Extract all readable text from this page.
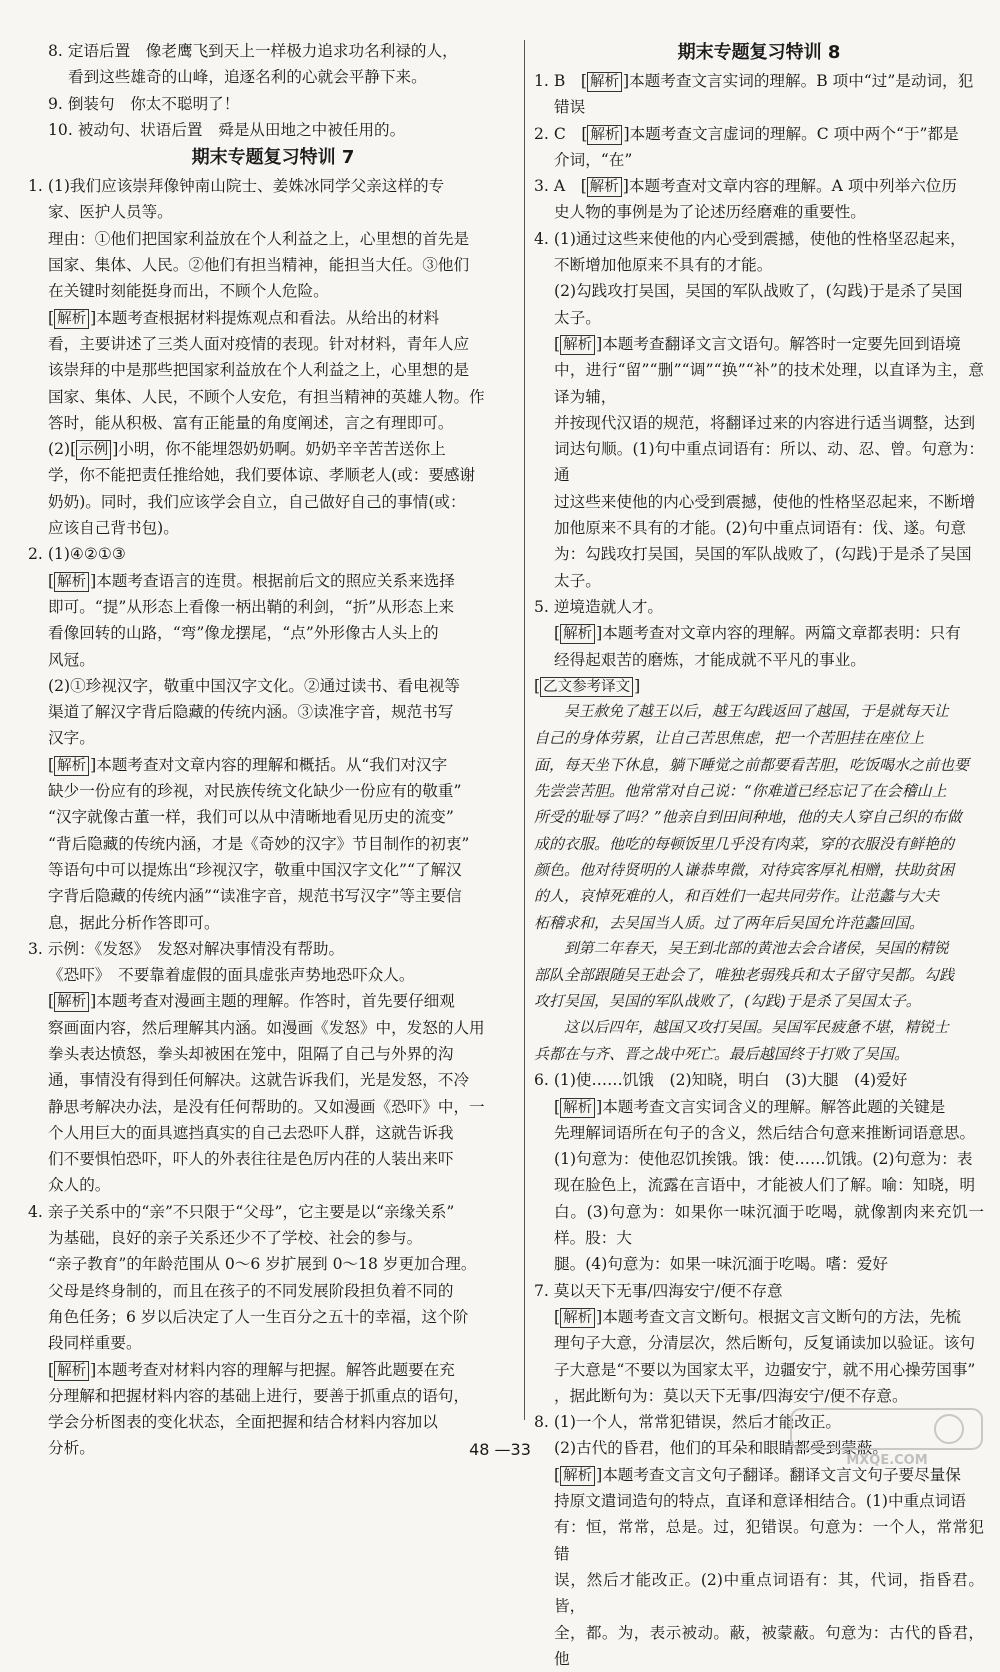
8. 定语后置　像老鹰飞到天上一样极力追求功名利禄的人，

看到这些雄奇的山峰，追逐名利的心就会平静下来。

9. 倒装句　你太不聪明了！

10. 被动句、状语后置　舜是从田地之中被任用的。

期末专题复习特训 7

1. (1)我们应该崇拜像钟南山院士、姜姝冰同学父亲这样的专

家、医护人员等。

理由：①他们把国家利益放在个人利益之上，心里想的首先是

国家、集体、人民。②他们有担当精神，能担当大任。③他们

在关键时刻能挺身而出，不顾个人危险。

[ 解析 ]本题考查根据材料提炼观点和看法。从给出的材料

看，主要讲述了三类人面对疫情的表现。针对材料，青年人应

该崇拜的中是那些把国家利益放在个人利益之上，心里想的是

国家、集体、人民，不顾个人安危，有担当精神的英雄人物。作

答时，能从积极、富有正能量的角度阐述，言之有理即可。

(2)[ 示例 ]小明，你不能埋怨奶奶啊。奶奶辛辛苦苦送你上

学，你不能把责任推给她，我们要体谅、孝顺老人(或：要感谢

奶奶)。同时，我们应该学会自立，自己做好自己的事情(或：

应该自己背书包)。

2. (1)④②①③

[ 解析 ]本题考查语言的连贯。根据前后文的照应关系来选择

即可。“提”从形态上看像一柄出鞘的利剑，“折”从形态上来

看像回转的山路，“弯”像龙摆尾，“点”外形像古人头上的

风冠。

(2)①珍视汉字，敬重中国汉字文化。②通过读书、看电视等

渠道了解汉字背后隐藏的传统内涵。③读准字音，规范书写

汉字。

[ 解析 ]本题考查对文章内容的理解和概括。从“我们对汉字

缺少一份应有的珍视，对民族传统文化缺少一份应有的敬重”

“汉字就像古董一样，我们可以从中清晰地看见历史的流变”

“背后隐藏的传统内涵，才是《奇妙的汉字》节目制作的初衷”

等语句中可以提炼出“珍视汉字，敬重中国汉字文化”“了解汉

字背后隐藏的传统内涵”“读准字音，规范书写汉字”等主要信

息，据此分析作答即可。

3. 示例：《发怒》　发怒对解决事情没有帮助。

《恐吓》　不要靠着虚假的面具虚张声势地恐吓众人。

[ 解析 ]本题考查对漫画主题的理解。作答时，首先要仔细观

察画面内容，然后理解其内涵。如漫画《发怒》中，发怒的人用

拳头表达愤怒，拳头却被困在笼中，阻隔了自己与外界的沟

通，事情没有得到任何解决。这就告诉我们，光是发怒，不冷

静思考解决办法，是没有任何帮助的。又如漫画《恐吓》中，一

个人用巨大的面具遮挡真实的自己去恐吓人群，这就告诉我

们不要惧怕恐吓，吓人的外表往往是色厉内荏的人装出来吓

众人的。

4. 亲子关系中的“亲”不只限于“父母”，它主要是以“亲缘关系”

为基础，良好的亲子关系还少不了学校、社会的参与。

“亲子教育”的年龄范围从 0～6 岁扩展到 0～18 岁更加合理。

父母是终身制的，而且在孩子的不同发展阶段担负着不同的

角色任务；6 岁以后决定了人一生百分之五十的幸福，这个阶

段同样重要。

[ 解析 ]本题考查对材料内容的理解与把握。解答此题要在充

分理解和把握材料内容的基础上进行，要善于抓重点的语句，

学会分析图表的变化状态，全面把握和结合材料内容加以

分析。

期末专题复习特训 8

1. B　[ 解析 ]本题考查文言实词的理解。B 项中“过”是动词，犯

错误

2. C　[ 解析 ]本题考查文言虚词的理解。C 项中两个“于”都是

介词，“在”

3. A　[ 解析 ]本题考查对文章内容的理解。A 项中列举六位历

史人物的事例是为了论述历经磨难的重要性。

4. (1)通过这些来使他的内心受到震撼，使他的性格坚忍起来，

不断增加他原来不具有的才能。

(2)勾践攻打吴国，吴国的军队战败了，(勾践)于是杀了吴国

太子。

[ 解析 ]本题考查翻译文言文语句。解答时一定要先回到语境

中，进行“留”“删”“调”“换”“补”的技术处理，以直译为主，意译为辅，

并按现代汉语的规范，将翻译过来的内容进行适当调整，达到

词达句顺。(1)句中重点词语有：所以、动、忍、曾。句意为：通

过这些来使他的内心受到震撼，使他的性格坚忍起来，不断增

加他原来不具有的才能。(2)句中重点词语有：伐、遂。句意

为：勾践攻打吴国，吴国的军队战败了，(勾践)于是杀了吴国

太子。

5. 逆境造就人才。

[ 解析 ]本题考查对文章内容的理解。两篇文章都表明：只有

经得起艰苦的磨炼，才能成就不平凡的事业。

[ 乙文参考译文 ]

吴王赦免了越王以后，越王勾践返回了越国，于是就每天让

自己的身体劳累，让自己苦思焦虑，把一个苦胆挂在座位上

面，每天坐下休息，躺下睡觉之前都要看苦胆，吃饭喝水之前也要

先尝尝苦胆。他常常对自己说：“你难道已经忘记了在会稽山上

所受的耻辱了吗？”他亲自到田间种地，他的夫人穿自己织的布做

成的衣服。他吃的每顿饭里几乎没有肉菜，穿的衣服没有鲜艳的

颜色。他对待贤明的人谦恭卑微，对待宾客厚礼相赠，扶助贫困

的人，哀悼死难的人，和百姓们一起共同劳作。让范蠡与大夫

柘稽求和，去吴国当人质。过了两年后吴国允许范蠡回国。

到第二年春天，吴王到北部的黄池去会合诸侯，吴国的精锐

部队全部跟随吴王赴会了，唯独老弱残兵和太子留守吴都。勾践

攻打吴国，吴国的军队战败了，(勾践)于是杀了吴国太子。

这以后四年，越国又攻打吴国。吴国军民疲惫不堪，精锐士

兵都在与齐、晋之战中死亡。最后越国终于打败了吴国。

6. (1)使……饥饿　(2)知晓，明白　(3)大腿　(4)爱好

[ 解析 ]本题考查文言实词含义的理解。解答此题的关键是

先理解词语所在句子的含义，然后结合句意来推断词语意思。

(1)句意为：使他忍饥挨饿。饿：使……饥饿。(2)句意为：表

现在脸色上，流露在言语中，才能被人们了解。喻：知晓，明

白。(3)句意为：如果你一味沉湎于吃喝，就像割肉来充饥一样。股：大

腿。(4)句意为：如果一味沉湎于吃喝。嗜：爱好

7. 莫以天下无事/四海安宁/便不存意

[ 解析 ]本题考查文言文断句。根据文言文断句的方法，先梳

理句子大意，分清层次，然后断句，反复诵读加以验证。该句

子大意是“不要以为国家太平，边疆安宁，就不用心操劳国事”

，据此断句为：莫以天下无事/四海安宁/便不存意。

8. (1)一个人，常常犯错误，然后才能改正。

(2)古代的昏君，他们的耳朵和眼睛都受到蒙蔽。

[ 解析 ]本题考查文言文句子翻译。翻译文言文句子要尽量保

持原文遣词造句的特点，直译和意译相结合。(1)中重点词语

有：恒，常常，总是。过，犯错误。句意为：一个人，常常犯错

误，然后才能改正。(2)中重点词语有：其，代词，指昏君。皆，

全，都。为，表示被动。蔽，被蒙蔽。句意为：古代的昏君，他

48 —33
MXQE.COM
